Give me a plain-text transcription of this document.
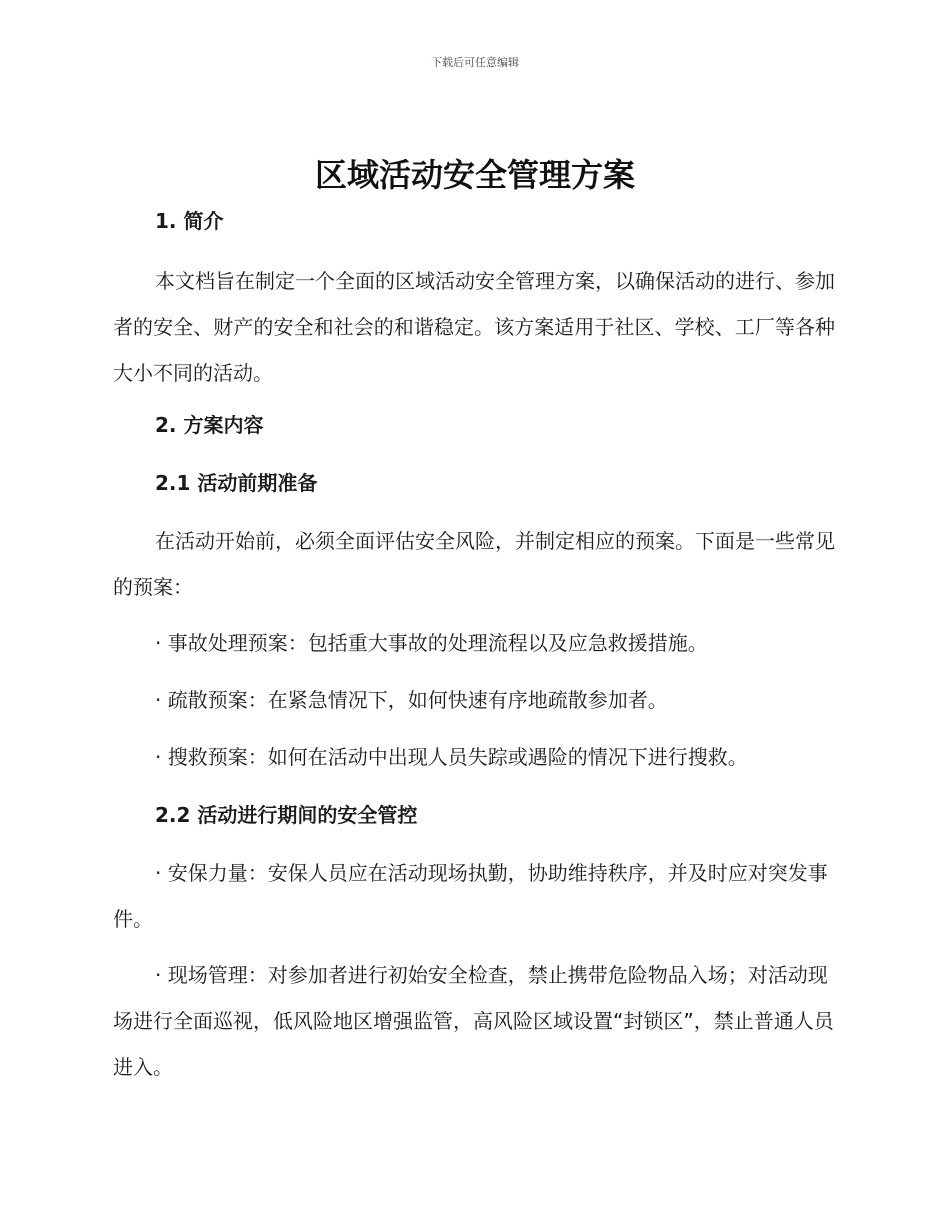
下载后可任意编辑
区域活动安全管理方案
1. 简介
本文档旨在制定一个全面的区域活动安全管理方案，以确保活动的进行、参加者的安全、财产的安全和社会的和谐稳定。该方案适用于社区、学校、工厂等各种大小不同的活动。
2. 方案内容
2.1 活动前期准备
在活动开始前，必须全面评估安全风险，并制定相应的预案。下面是一些常见的预案：
· 事故处理预案：包括重大事故的处理流程以及应急救援措施。
· 疏散预案：在紧急情况下，如何快速有序地疏散参加者。
· 搜救预案：如何在活动中出现人员失踪或遇险的情况下进行搜救。
2.2 活动进行期间的安全管控
· 安保力量：安保人员应在活动现场执勤，协助维持秩序，并及时应对突发事件。
· 现场管理：对参加者进行初始安全检查，禁止携带危险物品入场；对活动现场进行全面巡视，低风险地区增强监管，高风险区域设置“封锁区”，禁止普通人员进入。
